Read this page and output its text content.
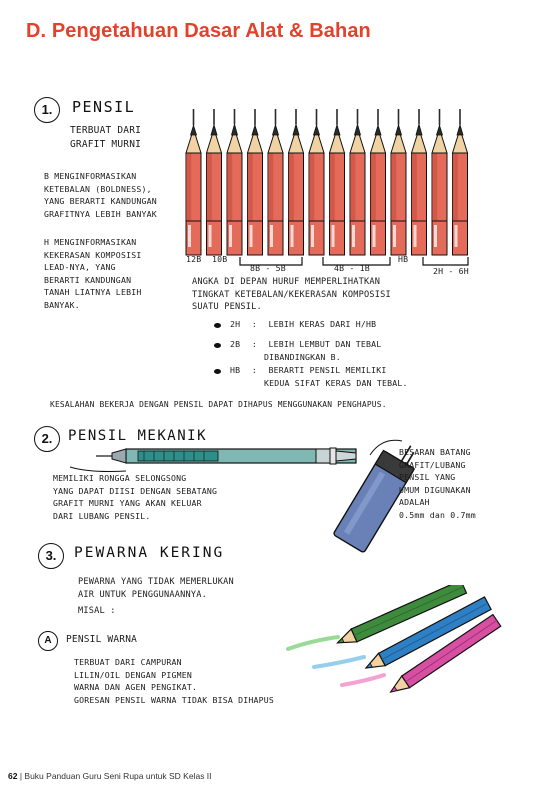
D. Pengetahuan Dasar Alat & Bahan
1.	PENSIL
TERBUAT DARI
GRAFIT MURNI
B MENGINFORMASIKAN
KETEBALAN (BOLDNESS),
YANG BERARTI KANDUNGAN
GRAFITNYA LEBIH BANYAK
H MENGINFORMASIKAN
KEKERASAN KOMPOSISI
LEAD-NYA, YANG
BERARTI KANDUNGAN
TANAH LIATNYA LEBIH
BANYAK.
12B 10B
8B - 5B	4B - 1B
HB
2H - 6H
ANGKA DI DEPAN HURUF MEMPERLIHATKAN
TINGKAT KETEBALAN/KEKERASAN KOMPOSISI
SUATU PENSIL.
2H : LEBIH KERAS DARI H/HB
2B : LEBIH LEMBUT DAN TEBAL
DIBANDINGKAN B.
HB : BERARTI PENSIL MEMILIKI
KEDUA SIFAT KERAS DAN TEBAL.
KESALAHAN BEKERJA DENGAN PENSIL DAPAT DIHAPUS MENGGUNAKAN PENGHAPUS.
2.	PENSIL MEKANIK
MEMILIKI RONGGA SELONGSONG
YANG DAPAT DIISI DENGAN SEBATANG
GRAFIT MURNI YANG AKAN KELUAR
DARI LUBANG PENSIL.
BESARAN BATANG
GRAFIT/LUBANG
PENSIL YANG
UMUM DIGUNAKAN
ADALAH
0.5mm dan 0.7mm
3.	PEWARNA KERING
PEWARNA YANG TIDAK MEMERLUKAN
AIR UNTUK PENGGUNAANNYA.
MISAL :
A	PENSIL WARNA
TERBUAT DARI CAMPURAN
LILIN/OIL DENGAN PIGMEN
WARNA DAN AGEN PENGIKAT.
GORESAN PENSIL WARNA TIDAK BISA DIHAPUS
62 | Buku Panduan Guru Seni Rupa untuk SD Kelas II
